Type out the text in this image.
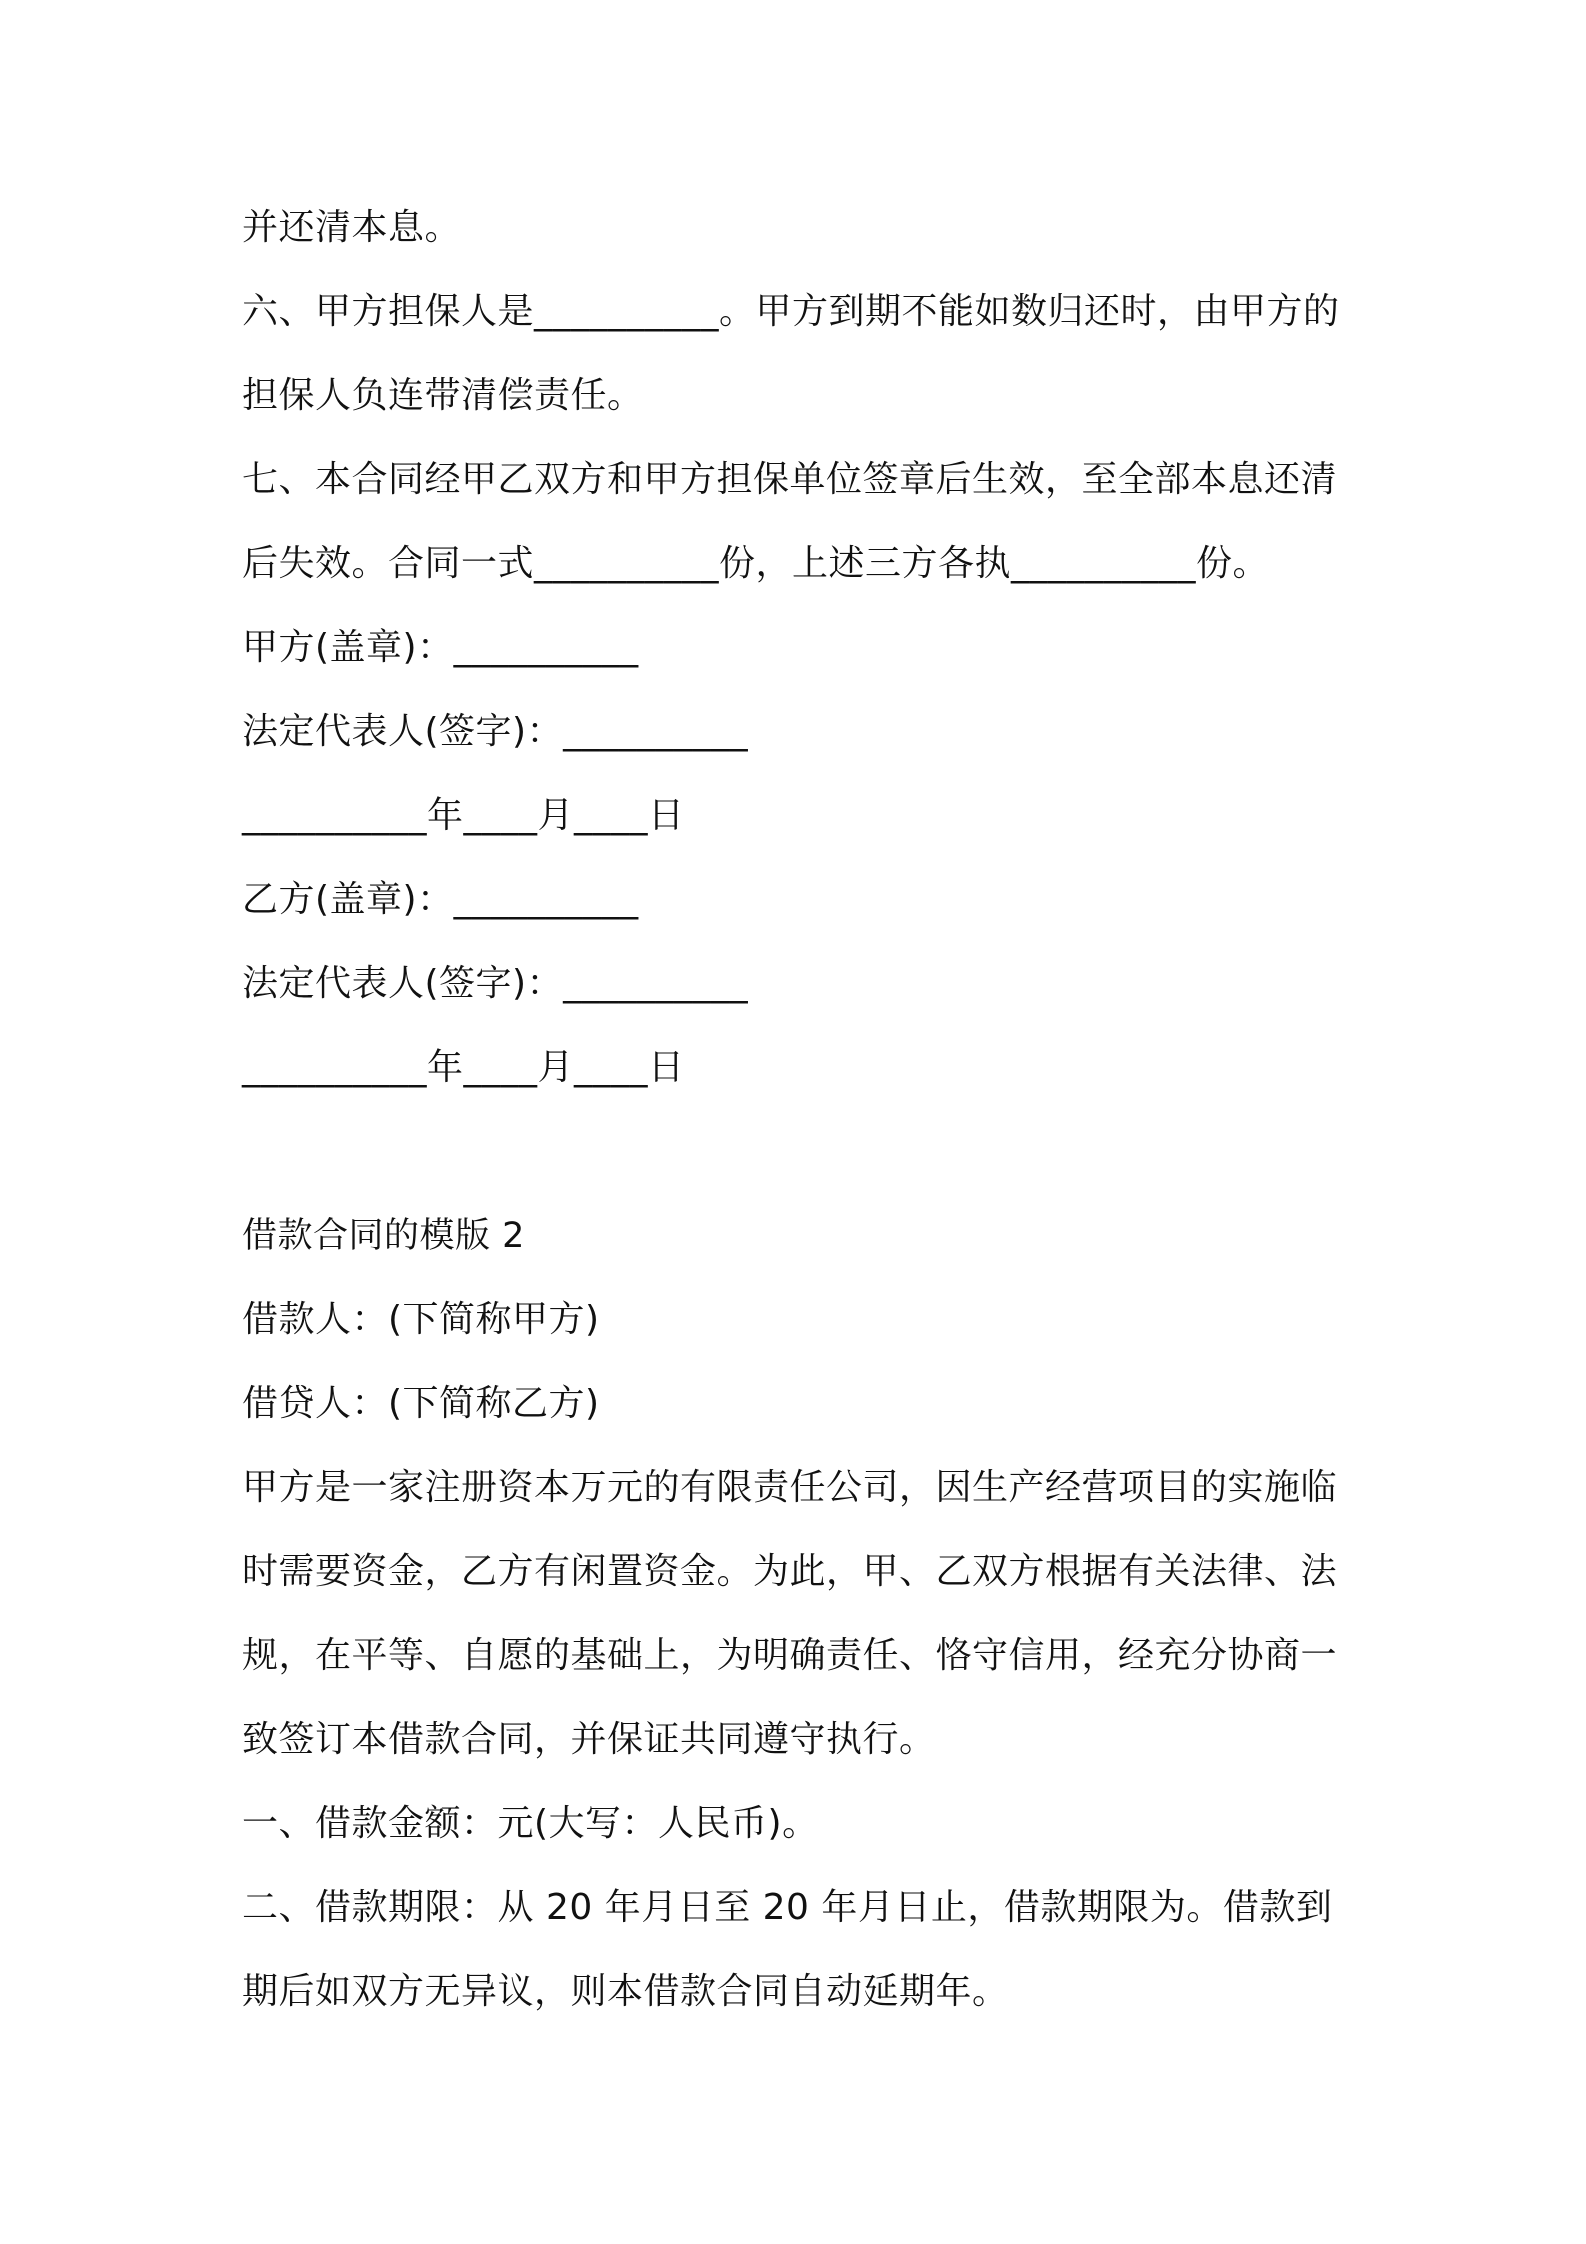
并还清本息。
六、甲方担保人是__________。甲方到期不能如数归还时，由甲方的
担保人负连带清偿责任。
七、本合同经甲乙双方和甲方担保单位签章后生效，至全部本息还清
后失效。合同一式__________份，上述三方各执__________份。
甲方(盖章)：__________
法定代表人(签字)：__________
__________年____月____日
乙方(盖章)：__________
法定代表人(签字)：__________
__________年____月____日
借款合同的模版 2
借款人：(下简称甲方)
借贷人：(下简称乙方)
甲方是一家注册资本万元的有限责任公司，因生产经营项目的实施临
时需要资金，乙方有闲置资金。为此，甲、乙双方根据有关法律、法
规，在平等、自愿的基础上，为明确责任、恪守信用，经充分协商一
致签订本借款合同，并保证共同遵守执行。
一、借款金额：元(大写：人民币)。
二、借款期限：从 20 年月日至 20 年月日止，借款期限为。借款到
期后如双方无异议，则本借款合同自动延期年。
